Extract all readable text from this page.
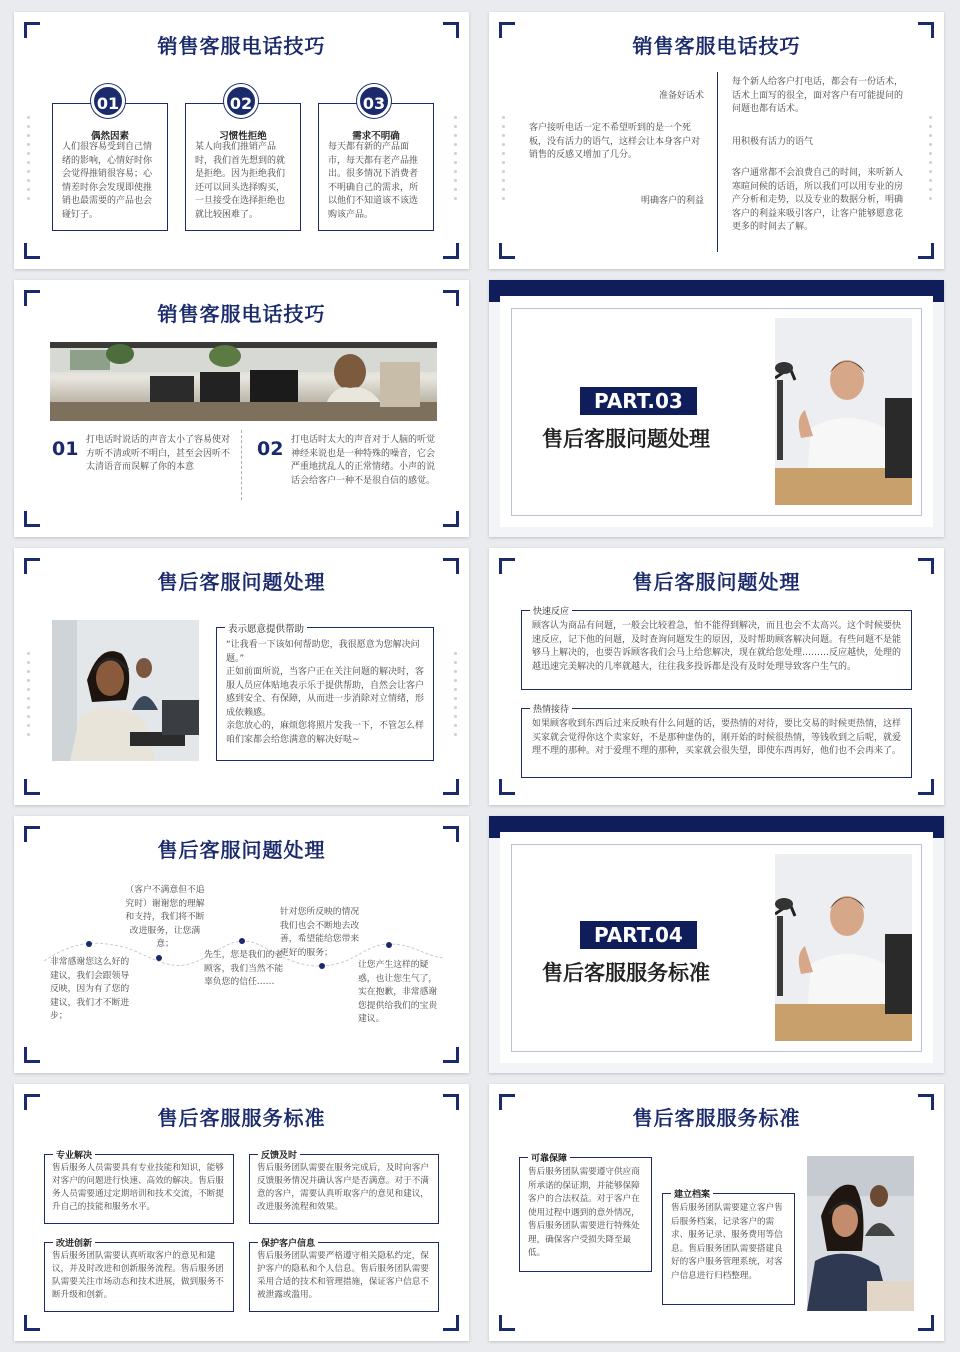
销售客服电话技巧
偶然因素
人们很容易受到自己情绪的影响，心情好时你会觉得推销很容易；心情差时你会发现即使推销也最需要的产品也会碰钉子。
01
习惯性拒绝
某人向我们推销产品时，我们首先想到的就是拒绝。因为拒绝我们还可以回头选择购买，一旦接受在选择拒绝也就比较困难了。
02
需求不明确
每天都有新的产品面市，每天都有老产品推出。很多情况下消费者不明确自己的需求，所以他们不知道该不该选购该产品。
03
销售客服电话技巧
准备好话术
客户接听电话一定不希望听到的是一个死板，没有活力的语气，这样会让本身客户对销售的反感又增加了几分。
明确客户的利益
每个新人给客户打电话，都会有一份话术，话术上面写的很全，面对客户有可能提问的问题也都有话术。
用积极有活力的语气
客户通常都不会浪费自己的时间，来听新人寒暄问候的话语，所以我们可以用专业的房产分析和走势，以及专业的数据分析，明确客户的利益来吸引客户，让客户能够愿意花更多的时间去了解。
销售客服电话技巧
01 打电话时说话的声音太小了容易使对方听不清或听不明白，甚至会因听不太清语音而误解了你的本意
02 打电话时太大的声音对于人脑的听觉神经来说也是一种特殊的噪音，它会严重地扰乱人的正常情绪。小声的说话会给客户一种不是很自信的感觉。
PART.03
售后客服问题处理
售后客服问题处理
表示愿意提供帮助
“让我看一下该如何帮助您，我很愿意为您解决问题。”
正如前面所说，当客户正在关注问题的解决时，客服人员应体贴地表示乐于提供帮助，自然会让客户感到安全、有保障，从而进一步消除对立情绪，形成依赖感。
亲您放心的，麻烦您将照片发我一下，不管怎么样咱们家都会给您满意的解决好哒~
售后客服问题处理
快速反应
顾客认为商品有问题，一般会比较着急，怕不能得到解决，而且也会不太高兴。这个时候要快速反应，记下他的问题，及时查询问题发生的原因，及时帮助顾客解决问题。有些问题不是能够马上解决的，也要告诉顾客我们会马上给您解决，现在就给您处理………反应越快，处理的越迅速完美解决的几率就越大，往往我多投诉都是没有及时处理导致客户生气的。
热情接待
如果顾客收到东西后过来反映有什么问题的话，要热情的对待，要比交易的时候更热情，这样买家就会觉得你这个卖家好，不是那种虚伪的，刚开始的时候很热情，等钱收到之后呢，就爱理不理的那种。对于爱理不理的那种，买家就会很失望，即使东西再好，他们也不会再来了。
售后客服问题处理
非常感谢您这么好的建议，我们会跟领导反映，因为有了您的建议，我们才不断进步；
（客户不满意但不追究时）谢谢您的理解和支持，我们将不断改进服务，让您满意；
先生，您是我们的老顾客，我们当然不能辜负您的信任……
针对您所反映的情况我们也会不断地去改善，希望能给您带来更好的服务；
让您产生这样的疑惑，也让您生气了，实在抱歉，非常感谢您提供给我们的宝贵建议。
PART.04
售后客服服务标准
售后客服服务标准
专业解决
售后服务人员需要具有专业技能和知识，能够对客户的问题进行快速、高效的解决。售后服务人员需要通过定期培训和技术交流，不断提升自己的技能和服务水平。
反馈及时
售后服务团队需要在服务完成后，及时向客户反馈服务情况并确认客户是否满意。对于不满意的客户，需要认真听取客户的意见和建议，改进服务流程和效果。
改进创新
售后服务团队需要认真听取客户的意见和建议，并及时改进和创新服务流程。售后服务团队需要关注市场动态和技术进展，做到服务不断升级和创新。
保护客户信息
售后服务团队需要严格遵守相关隐私约定，保护客户的隐私和个人信息。售后服务团队需要采用合适的技术和管理措施，保证客户信息不被泄露或滥用。
售后客服服务标准
可靠保障
售后服务团队需要遵守供应商所承诺的保证期，并能够保障客户的合法权益。对于客户在使用过程中遇到的意外情况，售后服务团队需要进行特殊处理，确保客户受损失降至最低。
建立档案
售后服务团队需要建立客户售后服务档案，记录客户的需求、服务记录、服务费用等信息。售后服务团队需要搭建良好的客户服务管理系统，对客户信息进行归档整理。
